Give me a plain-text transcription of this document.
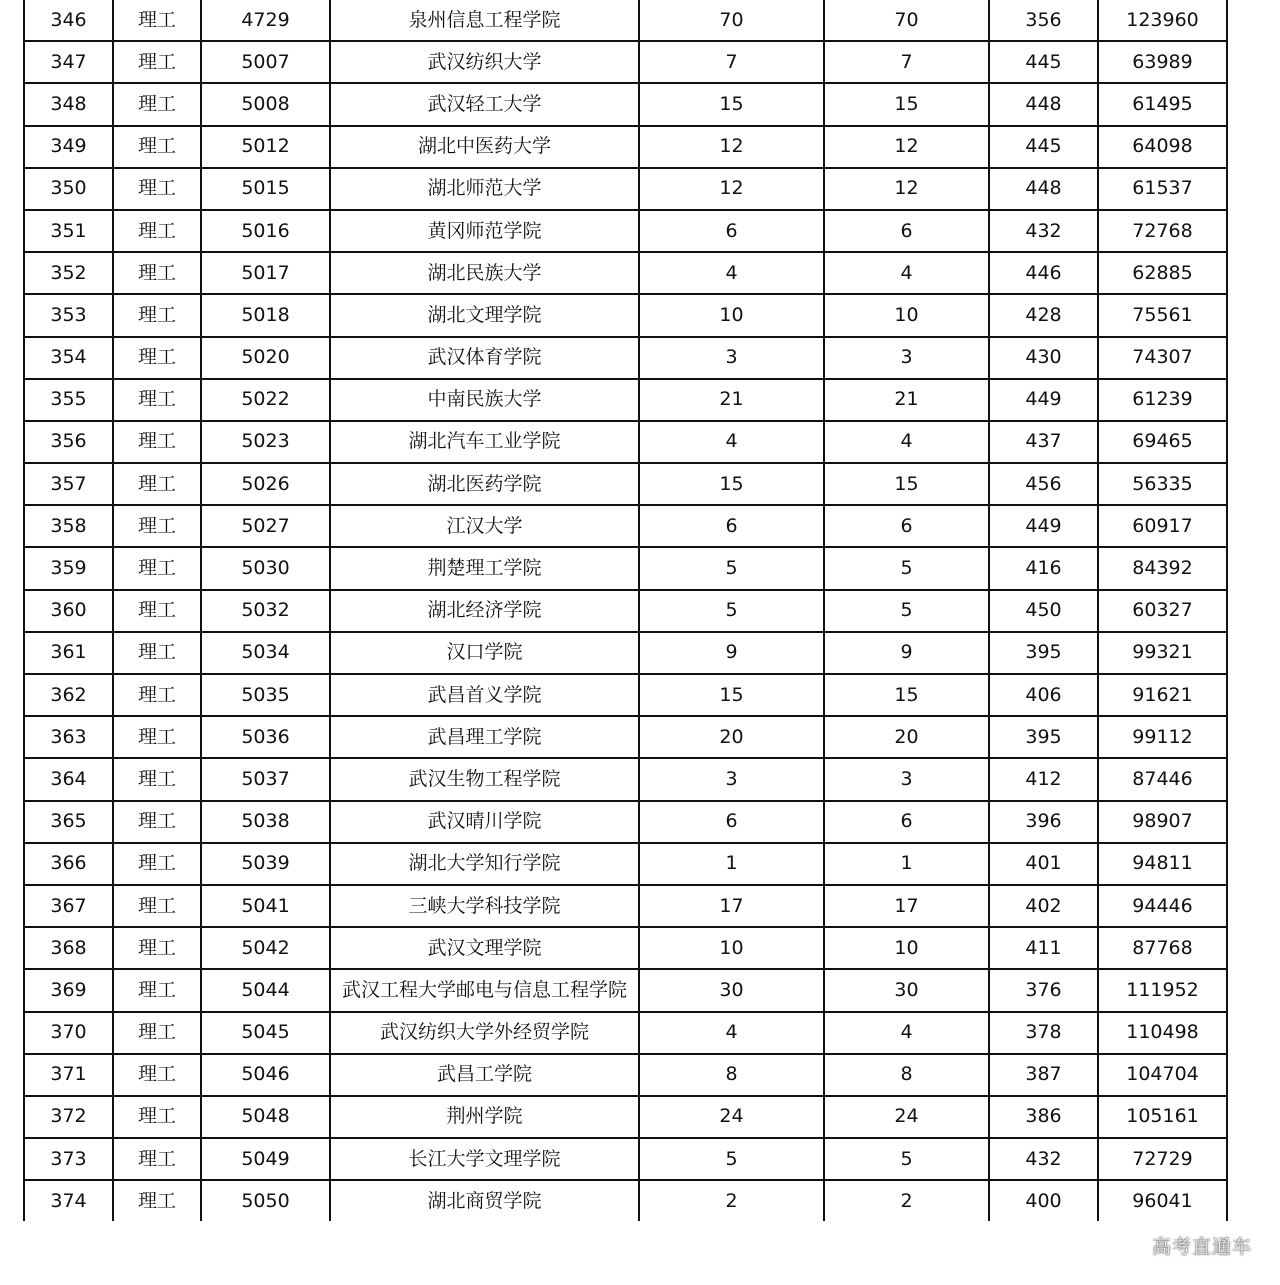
346	理工	4729	泉州信息工程学院	70	70	356	123960
347	理工	5007	武汉纺织大学	7	7	445	63989
348	理工	5008	武汉轻工大学	15	15	448	61495
349	理工	5012	湖北中医药大学	12	12	445	64098
350	理工	5015	湖北师范大学	12	12	448	61537
351	理工	5016	黄冈师范学院	6	6	432	72768
352	理工	5017	湖北民族大学	4	4	446	62885
353	理工	5018	湖北文理学院	10	10	428	75561
354	理工	5020	武汉体育学院	3	3	430	74307
355	理工	5022	中南民族大学	21	21	449	61239
356	理工	5023	湖北汽车工业学院	4	4	437	69465
357	理工	5026	湖北医药学院	15	15	456	56335
358	理工	5027	江汉大学	6	6	449	60917
359	理工	5030	荆楚理工学院	5	5	416	84392
360	理工	5032	湖北经济学院	5	5	450	60327
361	理工	5034	汉口学院	9	9	395	99321
362	理工	5035	武昌首义学院	15	15	406	91621
363	理工	5036	武昌理工学院	20	20	395	99112
364	理工	5037	武汉生物工程学院	3	3	412	87446
365	理工	5038	武汉晴川学院	6	6	396	98907
366	理工	5039	湖北大学知行学院	1	1	401	94811
367	理工	5041	三峡大学科技学院	17	17	402	94446
368	理工	5042	武汉文理学院	10	10	411	87768
369	理工	5044	武汉工程大学邮电与信息工程学院	30	30	376	111952
370	理工	5045	武汉纺织大学外经贸学院	4	4	378	110498
371	理工	5046	武昌工学院	8	8	387	104704
372	理工	5048	荆州学院	24	24	386	105161
373	理工	5049	长江大学文理学院	5	5	432	72729
374	理工	5050	湖北商贸学院	2	2	400	96041
高考直通车
